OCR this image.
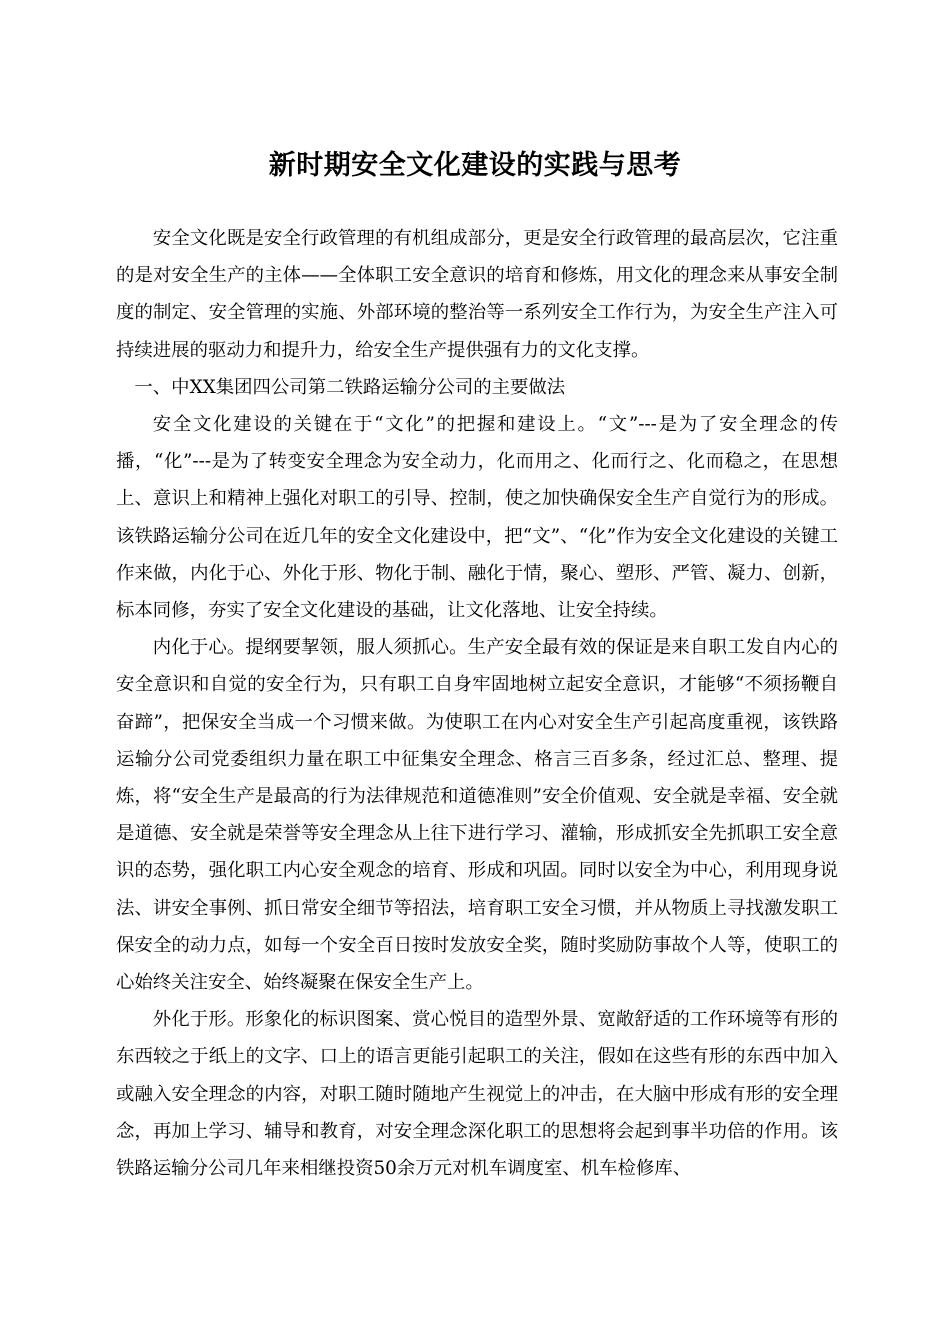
新时期安全文化建设的实践与思考

安全文化既是安全行政管理的有机组成部分，更是安全行政管理的最高层次，它注重的是对安全生产的主体——全体职工安全意识的培育和修炼，用文化的理念来从事安全制度的制定、安全管理的实施、外部环境的整治等一系列安全工作行为，为安全生产注入可持续进展的驱动力和提升力，给安全生产提供强有力的文化支撑。

一、中XX集团四公司第二铁路运输分公司的主要做法

安全文化建设的关键在于“文化”的把握和建设上。“文”---是为了安全理念的传播，“化”---是为了转变安全理念为安全动力，化而用之、化而行之、化而稳之，在思想上、意识上和精神上强化对职工的引导、控制，使之加快确保安全生产自觉行为的形成。该铁路运输分公司在近几年的安全文化建设中，把“文”、“化”作为安全文化建设的关键工作来做，内化于心、外化于形、物化于制、融化于情，聚心、塑形、严管、凝力、创新，标本同修，夯实了安全文化建设的基础，让文化落地、让安全持续。

内化于心。提纲要挈领，服人须抓心。生产安全最有效的保证是来自职工发自内心的安全意识和自觉的安全行为，只有职工自身牢固地树立起安全意识，才能够“不须扬鞭自奋蹄”，把保安全当成一个习惯来做。为使职工在内心对安全生产引起高度重视，该铁路运输分公司党委组织力量在职工中征集安全理念、格言三百多条，经过汇总、整理、提炼，将“安全生产是最高的行为法律规范和道德准则”安全价值观、安全就是幸福、安全就是道德、安全就是荣誉等安全理念从上往下进行学习、灌输，形成抓安全先抓职工安全意识的态势，强化职工内心安全观念的培育、形成和巩固。同时以安全为中心，利用现身说法、讲安全事例、抓日常安全细节等招法，培育职工安全习惯，并从物质上寻找激发职工保安全的动力点，如每一个安全百日按时发放安全奖，随时奖励防事故个人等，使职工的心始终关注安全、始终凝聚在保安全生产上。

外化于形。形象化的标识图案、赏心悦目的造型外景、宽敞舒适的工作环境等有形的东西较之于纸上的文字、口上的语言更能引起职工的关注，假如在这些有形的东西中加入或融入安全理念的内容，对职工随时随地产生视觉上的冲击，在大脑中形成有形的安全理念，再加上学习、辅导和教育，对安全理念深化职工的思想将会起到事半功倍的作用。该铁路运输分公司几年来相继投资50余万元对机车调度室、机车检修库、
